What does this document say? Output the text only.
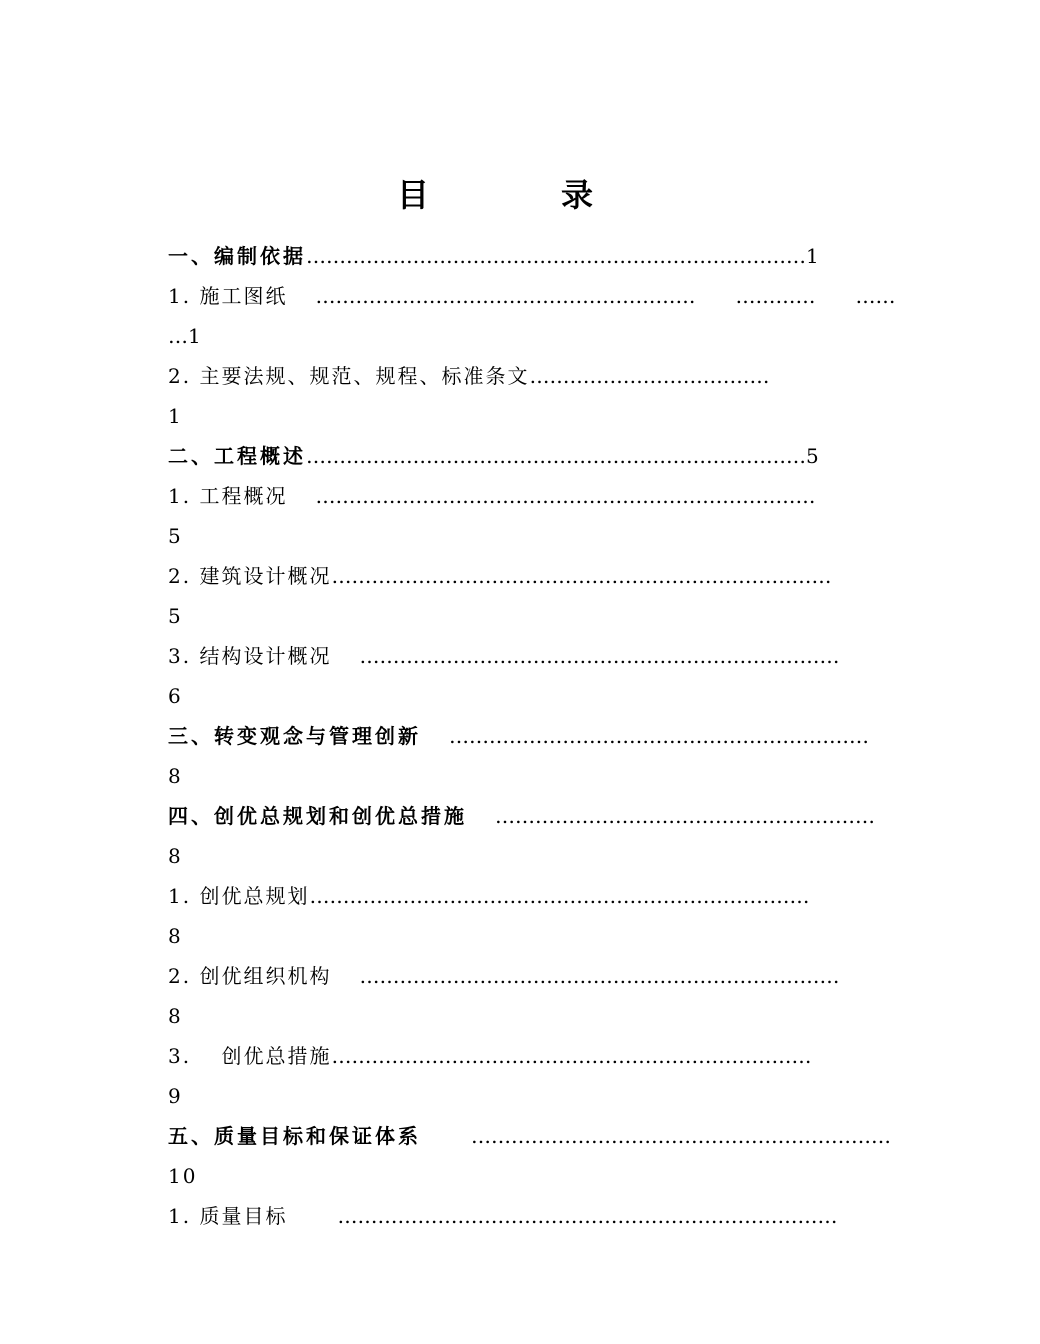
目　录
一、编制依据…………………………………………………………………1
1. 施工图纸 …………………………………………………　　…………　　……
…1
2. 主要法规、规范、规程、标准条文………………………………
1
二、工程概述…………………………………………………………………5
1. 工程概况 …………………………………………………………………
5
2. 建筑设计概况…………………………………………………………………
5
3. 结构设计概况 ………………………………………………………………
6
三、转变观念与管理创新 ………………………………………………………
8
四、创优总规划和创优总措施 …………………………………………………
8
1. 创优总规划…………………………………………………………………
8
2. 创优组织机构 ………………………………………………………………
8
3.　 创优总措施………………………………………………………………
9
五、质量目标和保证体系	………………………………………………………
10
1. 质量目标	…………………………………………………………………
